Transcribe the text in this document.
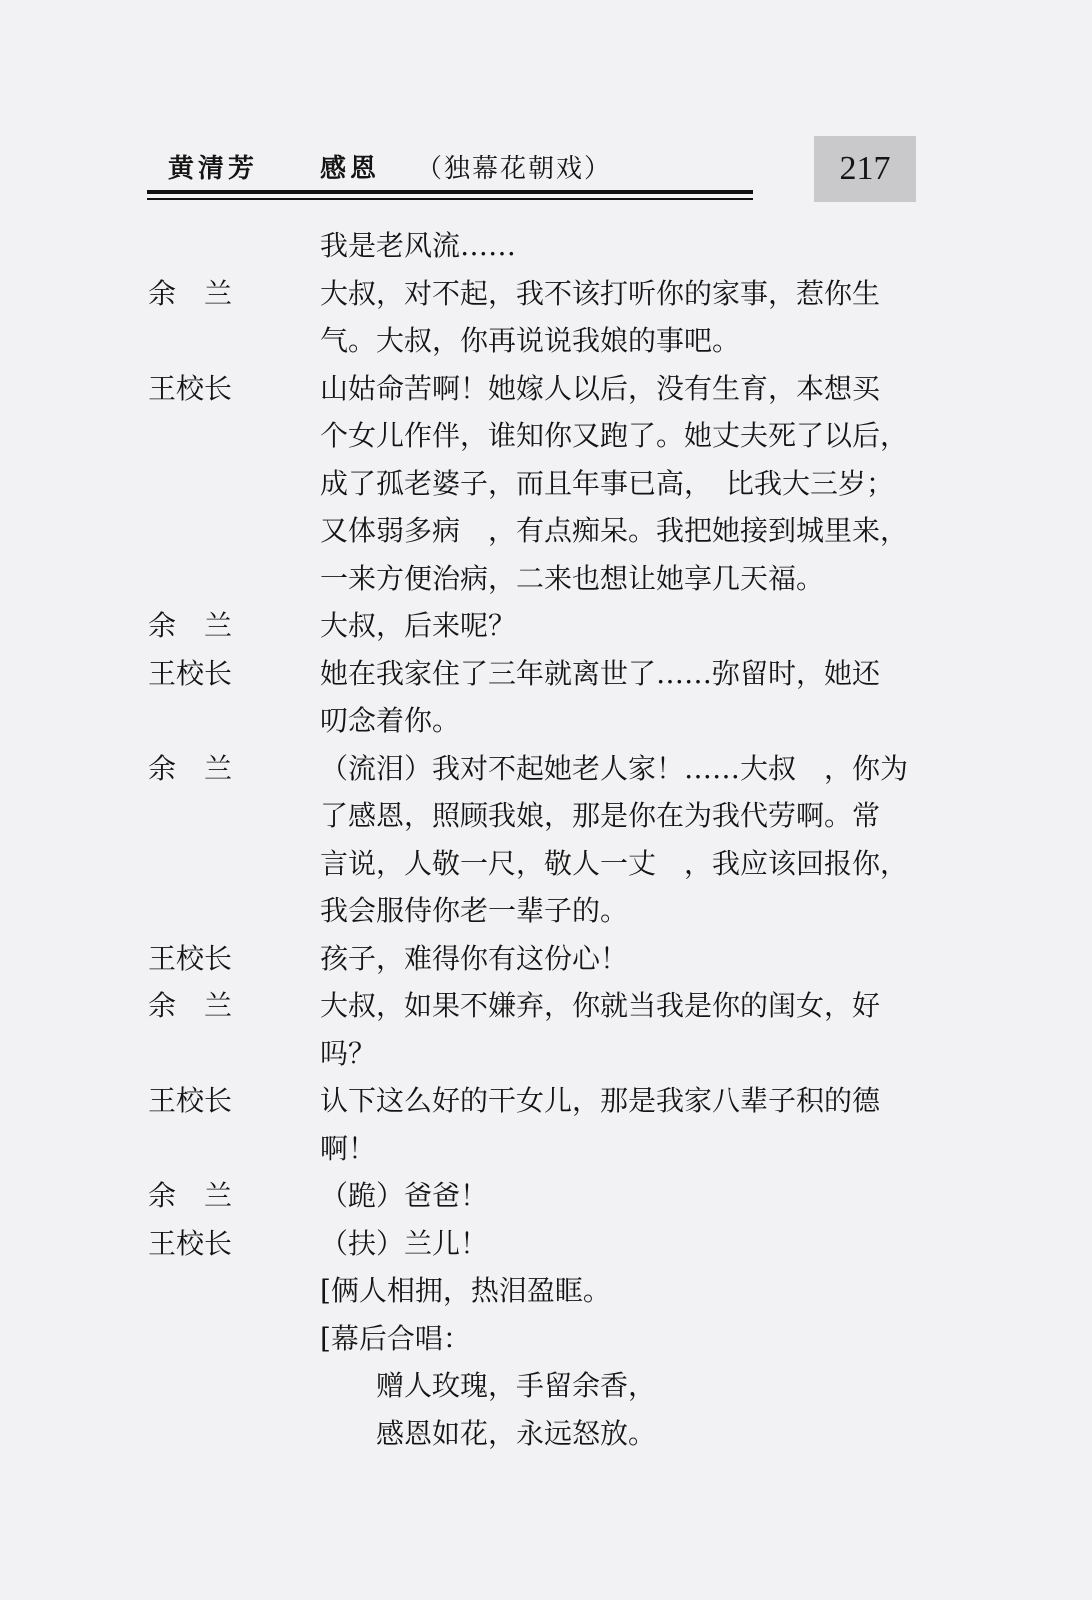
黄清芳 感恩 （独幕花朝戏）	217
我是老风流……
余　兰	大叔，对不起，我不该打听你的家事，惹你生
气。大叔，你再说说我娘的事吧。
王校长	山姑命苦啊！她嫁人以后，没有生育，本想买
个女儿作伴，谁知你又跑了。她丈夫死了以后，
成了孤老婆子，而且年事已高，　比我大三岁；
又体弱多病　，有点痴呆。我把她接到城里来，
一来方便治病，二来也想让她享几天福。
余　兰	大叔，后来呢？
王校长	她在我家住了三年就离世了……弥留时，她还
叨念着你。
余　兰	（流泪）我对不起她老人家！……大叔　，你为
了感恩，照顾我娘，那是你在为我代劳啊。常
言说，人敬一尺，敬人一丈　，我应该回报你，
我会服侍你老一辈子的。
王校长	孩子，难得你有这份心！
余　兰	大叔，如果不嫌弃，你就当我是你的闺女，好
吗？
王校长	认下这么好的干女儿，那是我家八辈子积的德
啊！
余　兰	（跪）爸爸！
王校长	（扶）兰儿！
[俩人相拥，热泪盈眶。
[幕后合唱：
　　赠人玫瑰，手留余香，
　　感恩如花，永远怒放。
